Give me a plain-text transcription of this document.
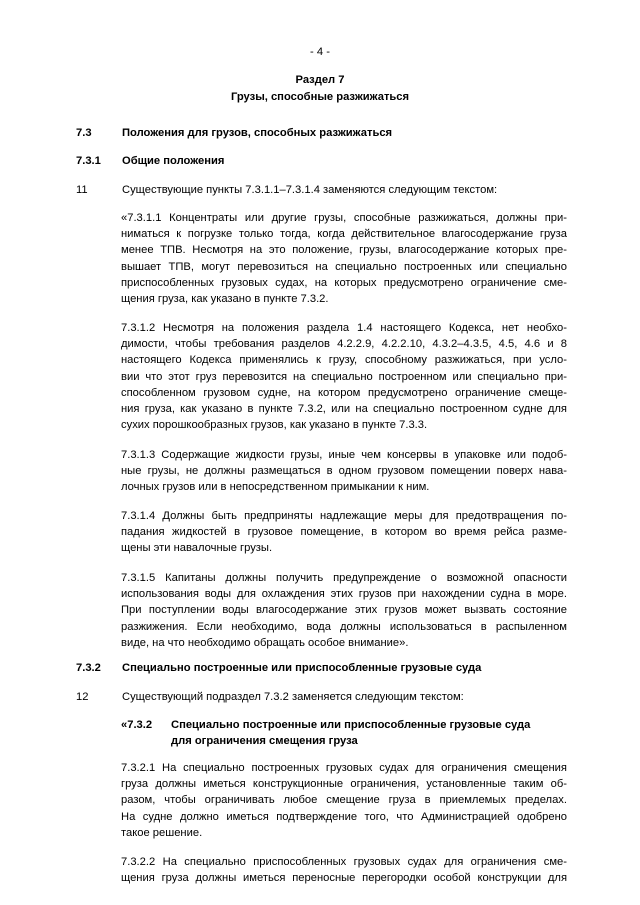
- 4 -
Раздел 7
Грузы, способные разжижаться
7.3	Положения для грузов, способных разжижаться
7.3.1 Общие положения
11	Существующие пункты 7.3.1.1–7.3.1.4 заменяются следующим текстом:
«7.3.1.1 Концентраты или другие грузы, способные разжижаться, должны при-
ниматься к погрузке только тогда, когда действительное влагосодержание груза
менее ТПВ. Несмотря на это положение, грузы, влагосодержание которых пре-
вышает ТПВ, могут перевозиться на специально построенных или специально
приспособленных грузовых судах, на которых предусмотрено ограничение сме-
щения груза, как указано в пункте 7.3.2.
7.3.1.2 Несмотря на положения раздела 1.4 настоящего Кодекса, нет необхо-
димости, чтобы требования разделов 4.2.2.9, 4.2.2.10, 4.3.2–4.3.5, 4.5, 4.6 и 8
настоящего Кодекса применялись к грузу, способному разжижаться, при усло-
вии что этот груз перевозится на специально построенном или специально при-
способленном грузовом судне, на котором предусмотрено ограничение смеще-
ния груза, как указано в пункте 7.3.2, или на специально построенном судне для
сухих порошкообразных грузов, как указано в пункте 7.3.3.
7.3.1.3 Содержащие жидкости грузы, иные чем консервы в упаковке или подоб-
ные грузы, не должны размещаться в одном грузовом помещении поверх нава-
лочных грузов или в непосредственном примыкании к ним.
7.3.1.4 Должны быть предприняты надлежащие меры для предотвращения по-
падания жидкостей в грузовое помещение, в котором во время рейса разме-
щены эти навалочные грузы.
7.3.1.5 Капитаны должны получить предупреждение о возможной опасности
использования воды для охлаждения этих грузов при нахождении судна в море.
При поступлении воды влагосодержание этих грузов может вызвать состояние
разжижения. Если необходимо, вода должны использоваться в распыленном
виде, на что необходимо обращать особое внимание».
7.3.2 Специально построенные или приспособленные грузовые суда
12	Существующий подраздел 7.3.2 заменяется следующим текстом:
«7.3.2 Специально построенные или приспособленные грузовые суда
для ограничения смещения груза
7.3.2.1 На специально построенных грузовых судах для ограничения смещения
груза должны иметься конструкционные ограничения, установленные таким об-
разом, чтобы ограничивать любое смещение груза в приемлемых пределах.
На судне должно иметься подтверждение того, что Администрацией одобрено
такое решение.
7.3.2.2 На специально приспособленных грузовых судах для ограничения сме-
щения груза должны иметься переносные перегородки особой конструкции для
